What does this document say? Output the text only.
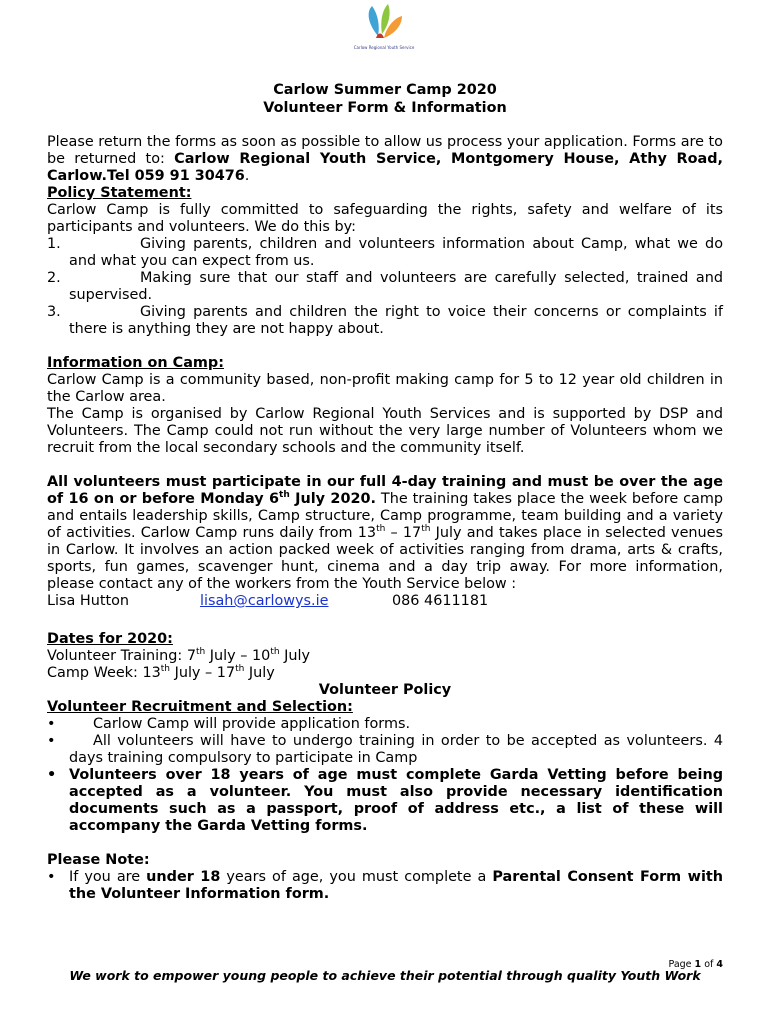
Carlow Regional Youth Service
Carlow Summer Camp 2020
Volunteer Form & Information

Please return the forms as soon as possible to allow us process your application. Forms are to be returned to: Carlow Regional Youth Service, Montgomery House, Athy Road, Carlow.Tel 059 91 30476.

Policy Statement:

Carlow Camp is fully committed to safeguarding the rights, safety and welfare of its participants and volunteers. We do this by:

1.	Giving parents, children and volunteers information about Camp, what we do and what you can expect from us.
2.	Making sure that our staff and volunteers are carefully selected, trained and supervised.
3.	Giving parents and children the right to voice their concerns or complaints if there is anything they are not happy about.
Information on Camp:

Carlow Camp is a community based, non-profit making camp for 5 to 12 year old children in the Carlow area.

The Camp is organised by Carlow Regional Youth Services and is supported by DSP and Volunteers. The Camp could not run without the very large number of Volunteers whom we recruit from the local secondary schools and the community itself.

All volunteers must participate in our full 4-day training and must be over the age of 16 on or before Monday 6th July 2020. The training takes place the week before camp and entails leadership skills, Camp structure, Camp programme, team building and a variety of activities. Carlow Camp runs daily from 13th – 17th July and takes place in selected venues in Carlow. It involves an action packed week of activities ranging from drama, arts & crafts, sports, fun games, scavenger hunt, cinema and a day trip away. For more information, please contact any of the workers from the Youth Service below :

Lisa Hutton	lisah@carlowys.ie	086 4611181
Dates for 2020:
Volunteer Training: 7th July – 10th July
Camp Week: 13th July – 17th July
Volunteer Policy
Volunteer Recruitment and Selection:
•	Carlow Camp will provide application forms.
•	All volunteers will have to undergo training in order to be accepted as volunteers. 4 days training compulsory to participate in Camp
• Volunteers over 18 years of age must complete Garda Vetting before being accepted as a volunteer. You must also provide necessary identification documents such as a passport, proof of address etc., a list of these will accompany the Garda Vetting forms.
Please Note:
• If you are under 18 years of age, you must complete a Parental Consent Form with the Volunteer Information form.
Page 1 of 4
We work to empower young people to achieve their potential through quality Youth Work
